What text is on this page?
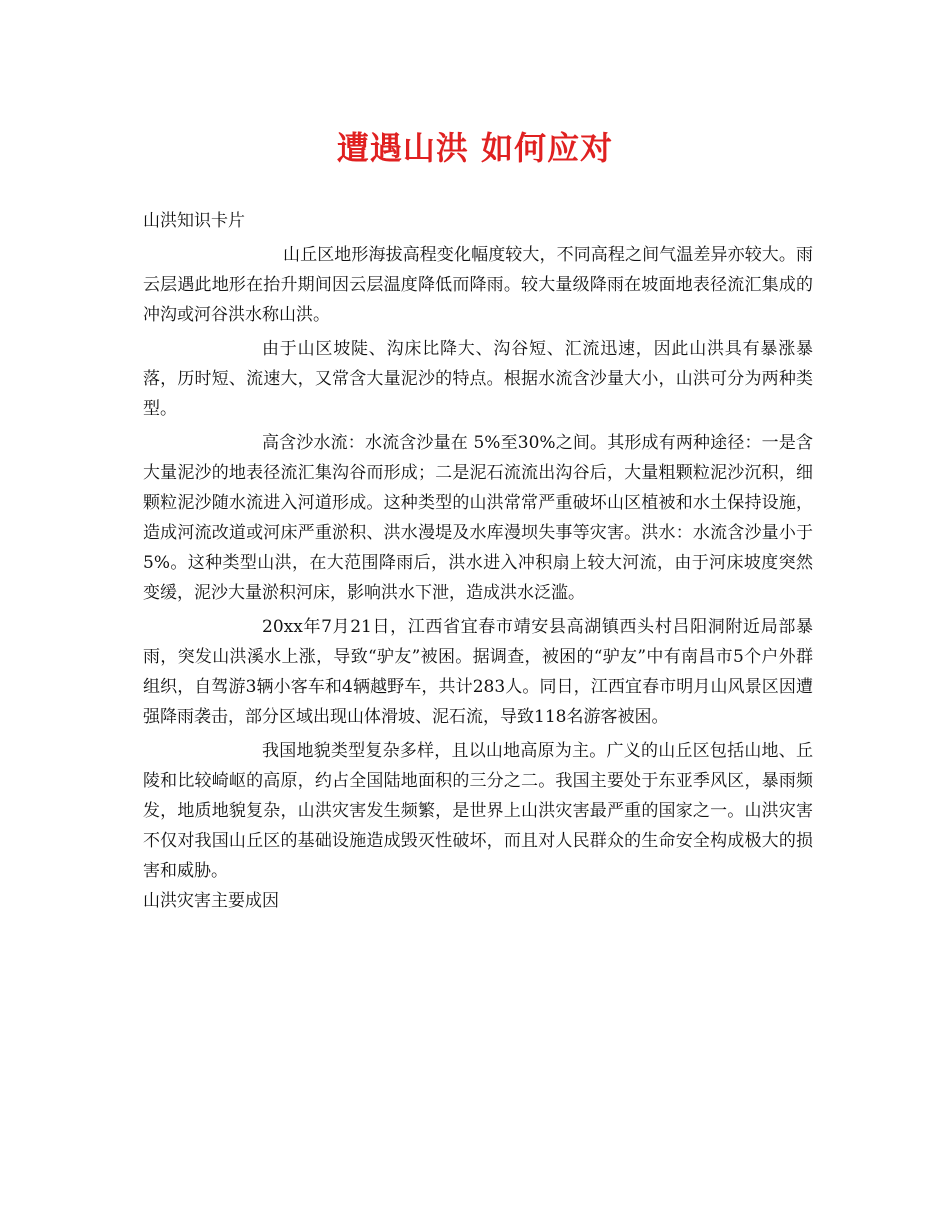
遭遇山洪 如何应对

山洪知识卡片

山丘区地形海拔高程变化幅度较大，不同高程之间气温差异亦较大。雨云层遇此地形在抬升期间因云层温度降低而降雨。较大量级降雨在坡面地表径流汇集成的冲沟或河谷洪水称山洪。

由于山区坡陡、沟床比降大、沟谷短、汇流迅速，因此山洪具有暴涨暴落，历时短、流速大，又常含大量泥沙的特点。根据水流含沙量大小，山洪可分为两种类型。

高含沙水流：水流含沙量在 5%至30%之间。其形成有两种途径：一是含大量泥沙的地表径流汇集沟谷而形成；二是泥石流流出沟谷后，大量粗颗粒泥沙沉积，细颗粒泥沙随水流进入河道形成。这种类型的山洪常常严重破坏山区植被和水土保持设施，造成河流改道或河床严重淤积、洪水漫堤及水库漫坝失事等灾害。洪水：水流含沙量小于 5%。这种类型山洪，在大范围降雨后，洪水进入冲积扇上较大河流，由于河床坡度突然变缓，泥沙大量淤积河床，影响洪水下泄，造成洪水泛滥。

20xx年7月21日，江西省宜春市靖安县高湖镇西头村吕阳洞附近局部暴雨，突发山洪溪水上涨，导致“驴友”被困。据调查，被困的“驴友”中有南昌市5个户外群组织，自驾游3辆小客车和4辆越野车，共计283人。同日，江西宜春市明月山风景区因遭强降雨袭击，部分区域出现山体滑坡、泥石流，导致118名游客被困。

我国地貌类型复杂多样，且以山地高原为主。广义的山丘区包括山地、丘陵和比较崎岖的高原，约占全国陆地面积的三分之二。我国主要处于东亚季风区，暴雨频发，地质地貌复杂，山洪灾害发生频繁，是世界上山洪灾害最严重的国家之一。山洪灾害不仅对我国山丘区的基础设施造成毁灭性破坏，而且对人民群众的生命安全构成极大的损害和威胁。

山洪灾害主要成因
